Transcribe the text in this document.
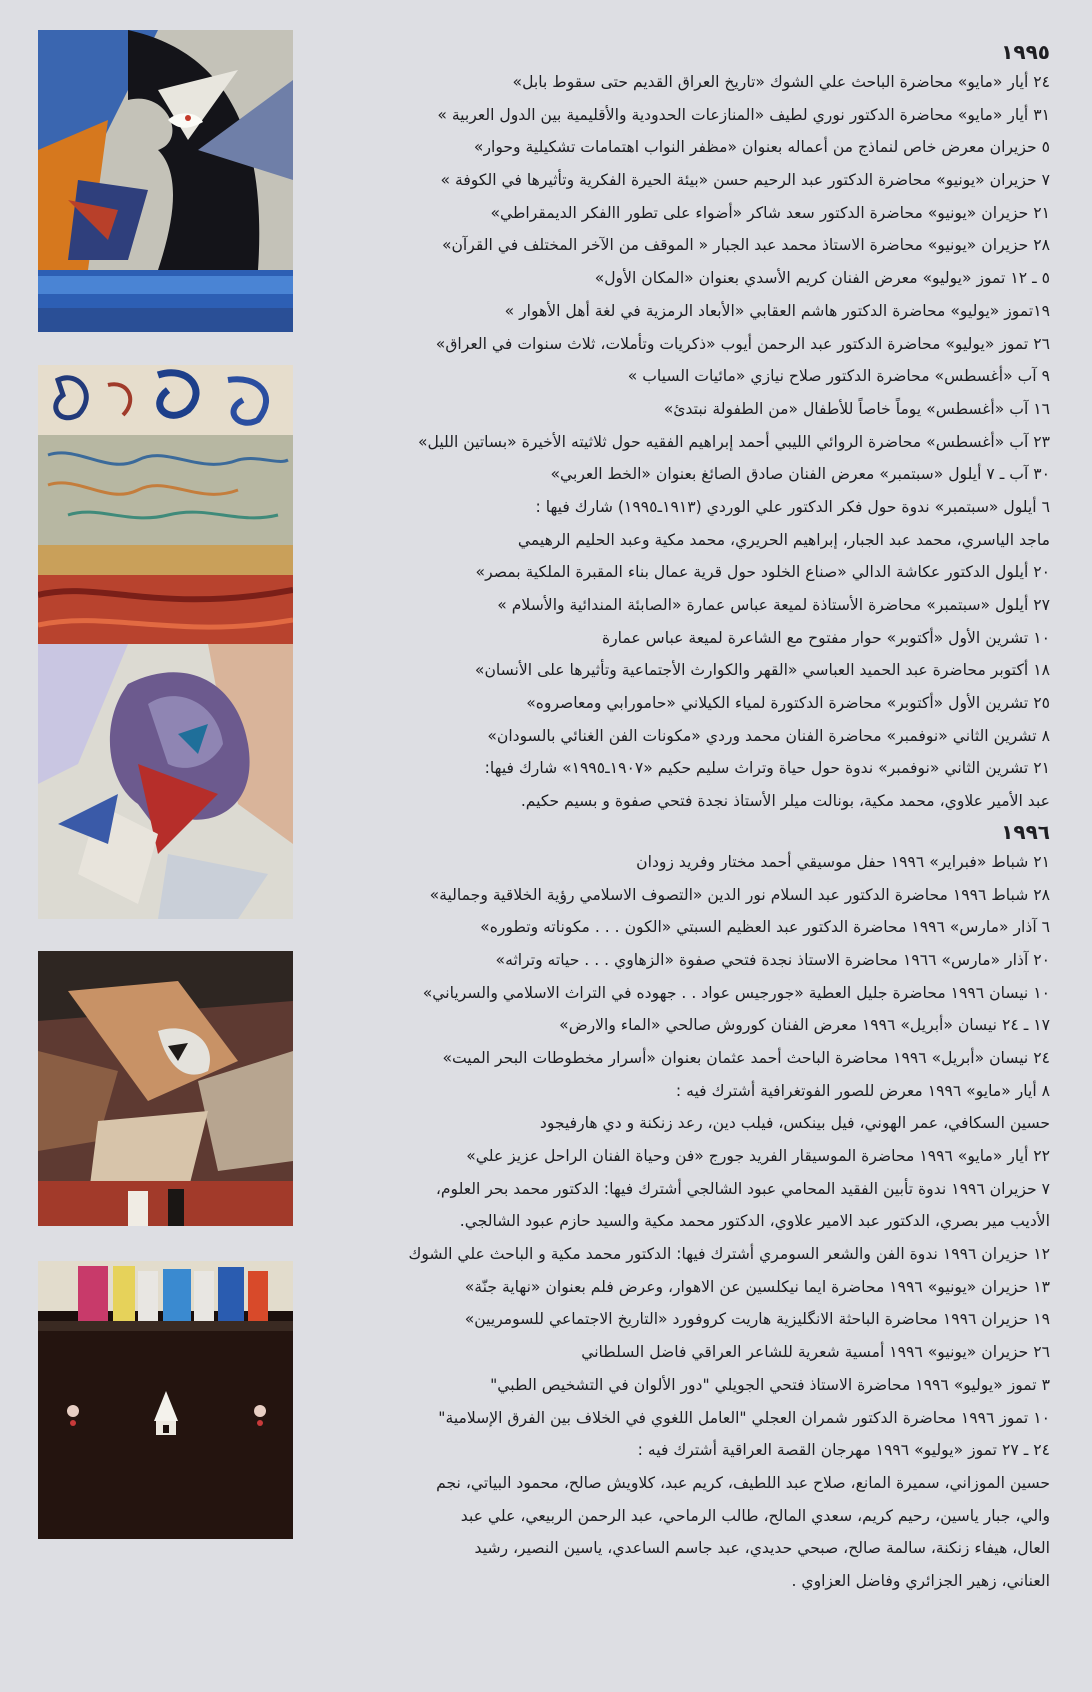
١٩٩٥
٢٤ أيار «مايو» محاضرة الباحث علي الشوك «تاريخ العراق القديم حتى سقوط بابل»
٣١ أيار «مايو» محاضرة الدكتور نوري لطيف «المنازعات الحدودية والأقليمية بين الدول العربية »
٥ حزيران معرض خاص لنماذج من أعماله بعنوان «مظفر النواب اهتمامات تشكيلية وحوار»
٧ حزيران «يونيو» محاضرة الدكتور عبد الرحيم حسن «بيئة الحيرة الفكرية وتأثيرها في الكوفة »
٢١ حزيران «يونيو» محاضرة الدكتور سعد شاكر «أضواء على تطور االفكر الديمقراطي»
٢٨ حزيران «يونيو» محاضرة الاستاذ محمد عبد الجبار « الموقف من الآخر المختلف في القرآن»
٥ ـ ١٢ تموز «يوليو» معرض الفنان كريم الأسدي بعنوان «المكان الأول»
١٩تموز «يوليو» محاضرة الدكتور هاشم العقابي «الأبعاد الرمزية في لغة أهل الأهوار »
٢٦ تموز «يوليو» محاضرة الدكتور عبد الرحمن أيوب «ذكريات وتأملات، ثلاث سنوات في العراق»
٩ آب «أغسطس» محاضرة الدكتور صلاح نيازي «مائيات السياب »
١٦ آب «أغسطس» يوماً خاصاً للأطفال «من الطفولة نبتدئ»
٢٣ آب «أغسطس» محاضرة الروائي الليبي أحمد إبراهيم الفقيه حول ثلاثيته الأخيرة «بساتين الليل»
٣٠ آب ـ ٧ أيلول «سبتمبر» معرض الفنان صادق الصائغ بعنوان «الخط العربي»
٦ أيلول «سبتمبر» ندوة حول فكر الدكتور علي الوردي (١٩١٣ـ١٩٩٥) شارك فيها :
ماجد الياسري، محمد عبد الجبار، إبراهيم الحريري، محمد مكية وعبد الحليم الرهيمي
٢٠ أيلول الدكتور عكاشة الدالي «صناع الخلود حول قرية عمال بناء المقبرة الملكية بمصر»
٢٧ أيلول «سبتمبر» محاضرة الأستاذة لميعة عباس عمارة «الصابئة المندائية والأسلام »
١٠ تشرين الأول «أكتوبر» حوار مفتوح مع الشاعرة لميعة عباس عمارة
١٨ أكتوبر محاضرة عبد الحميد العباسي «القهر والكوارث الأجتماعية وتأثيرها على الأنسان»
٢٥ تشرين الأول «أكتوبر» محاضرة الدكتورة لمياء الكيلاني «حامورابي ومعاصروه»
٨ تشرين الثاني «نوفمبر» محاضرة الفنان محمد وردي «مكونات الفن الغنائي بالسودان»
٢١ تشرين الثاني «نوفمبر» ندوة حول حياة وتراث سليم حكيم «١٩٠٧ـ١٩٩٥» شارك فيها:
عبد الأمير علاوي، محمد مكية، بونالت ميلر الأستاذ نجدة فتحي صفوة و بسيم حكيم.
١٩٩٦
٢١ شباط «فبراير» ١٩٩٦ حفل موسيقي أحمد مختار وفريد زودان
٢٨ شباط ١٩٩٦ محاضرة الدكتور عبد السلام نور الدين «التصوف الاسلامي رؤية الخلاقية وجمالية»
٦ آذار «مارس» ١٩٩٦ محاضرة الدكتور عبد العظيم السبتي «الكون . . . مكوناته وتطوره»
٢٠ آذار «مارس» ١٩٦٦ محاضرة الاستاذ نجدة فتحي صفوة «الزهاوي . . . حياته وتراثه»
١٠ نيسان ١٩٩٦ محاضرة جليل العطية «جورجيس عواد . . جهوده في التراث الاسلامي والسرياني»
١٧ ـ ٢٤ نيسان «أبريل» ١٩٩٦ معرض الفنان كوروش صالحي «الماء والارض»
٢٤ نيسان «أبريل» ١٩٩٦ محاضرة الباحث أحمد عثمان بعنوان «أسرار مخطوطات البحر الميت»
٨ أيار «مايو» ١٩٩٦ معرض للصور الفوتغرافية أشترك فيه :
حسين السكافي، عمر الهوني، فيل بينكس، فيلب دين، رعد زنكنة و دي هارفيجود
٢٢ أيار «مايو» ١٩٩٦ محاضرة الموسيقار الفريد جورج «فن وحياة الفنان الراحل عزيز علي»
٧ حزيران ١٩٩٦ ندوة تأبين الفقيد المحامي عبود الشالجي أشترك فيها: الدكتور محمد بحر العلوم،
الأديب مير بصري، الدكتور عبد الامير علاوي، الدكتور محمد مكية والسيد حازم عبود الشالجي.
١٢ حزيران ١٩٩٦ ندوة الفن والشعر السومري أشترك فيها: الدكتور محمد مكية و الباحث علي الشوك
١٣ حزيران «يونيو» ١٩٩٦ محاضرة ايما نيكلسين عن الاهوار، وعرض فلم بعنوان «نهاية جنّة»
١٩ حزيران ١٩٩٦ محاضرة الباحثة الانگليزية هاريت كروفورد «التاريخ الاجتماعي للسومريين»
٢٦ حزيران «يونيو» ١٩٩٦ أمسية شعرية للشاعر العراقي فاضل السلطاني
٣ تموز «يوليو» ١٩٩٦ محاضرة الاستاذ فتحي الجويلي "دور الألوان في التشخيص الطبي"
١٠ تموز ١٩٩٦ محاضرة الدكتور شمران العجلي "العامل اللغوي في الخلاف بين الفرق الإسلامية"
٢٤ ـ ٢٧ تموز «يوليو» ١٩٩٦ مهرجان القصة العراقية أشترك فيه :
حسين الموزاني، سميرة المانع، صلاح عبد اللطيف، كريم عبد، كلاويش صالح، محمود البياتي، نجم
والي، جبار ياسين، رحيم كريم، سعدي المالح، طالب الرماحي، عبد الرحمن الربيعي، علي عبد
العال، هيفاء زنكنة، سالمة صالح، صبحي حديدي، عبد جاسم الساعدي، ياسين النصير، رشيد
العناني، زهير الجزائري وفاضل العزاوي .
